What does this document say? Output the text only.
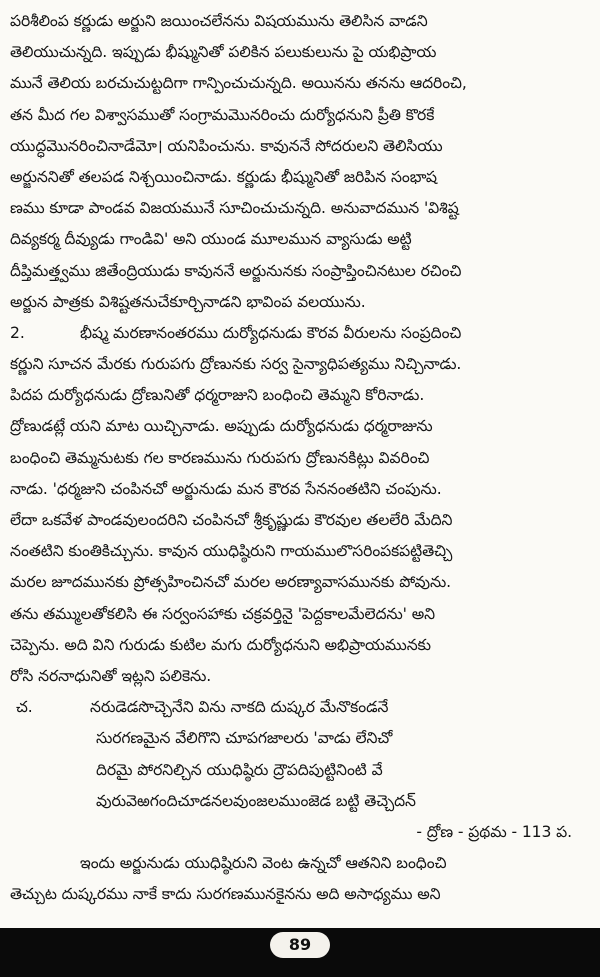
పరిశీలింప కర్ణుడు అర్జుని జయించలేనను విషయమును తెలిసిన వాడని
తెలియుచున్నది. ఇప్పుడు భీష్మునితో పలికిన పలుకులును పై యభిప్రాయ
మునే తెలియ బరచుచుట్టదిగా గాన్పించుచున్నది. అయినను తనను ఆదరించి,
తన మీద గల విశ్వాసముతో సంగ్రామమొనరించు దుర్యోధనుని ప్రీతి కొరకే
యుద్ధమొనరించినాడేమో। యనిపించును. కావుననే సోదరులని తెలిసియు
అర్జుననితో తలపడ నిశ్చయించినాడు. కర్ణుడు భీష్మునితో జరిపిన సంభాష
ణము కూడా పాండవ విజయమునే సూచించుచున్నది. అనువాదమున 'విశిష్ట
దివ్యకర్మ దీవ్యుడు గాండివి' అని యుండ మూలమున వ్యాసుడు అట్టి
దీప్తిమత్త్వము జితేంద్రియుడు కావుననే అర్జునునకు సంప్రాప్తించినటుల రచించి
అర్జున పాత్రకు విశిష్టతనుచేకూర్చినాడని భావింప వలయును.
2.	భీష్మ మరణానంతరము దుర్యోధనుడు కౌరవ వీరులను సంప్రదించి
కర్ణుని సూచన మేరకు గురుపగు ద్రోణునకు సర్వ సైన్యాధిపత్యము నిచ్చినాడు.
పిదప దుర్యోధనుడు ద్రోణునితో ధర్మరాజుని బంధించి తెమ్మని కోరినాడు.
ద్రోణుడట్లే యని మాట యిచ్చినాడు. అప్పుడు దుర్యోధనుడు ధర్మరాజును
బంధించి తెమ్మనుటకు గల కారణమును గురుపగు ద్రోణునకిట్లు వివరించి
నాడు. 'ధర్మజుని చంపినచో అర్జునుడు మన కౌరవ సేననంతటిని చంపును.
లేదా ఒకవేళ పాండవులందరిని చంపినచో శ్రీకృష్ణుడు కౌరవుల తలలేరి మేదిని
నంతటిని కుంతికిచ్చును. కావున యుధిష్ఠిరుని గాయములొసరింపకపట్టితెచ్చి
మరల జూదమునకు ప్రోత్సహించినచో మరల అరణ్యావాసమునకు పోవును.
తను తమ్ములతోకలిసి ఈ సర్వంసహాకు చక్రవర్తినై 'పెద్దకాలమేలెదను' అని
చెప్పెను. అది విని గురుడు కుటిల మగు దుర్యోధనుని అభిప్రాయమునకు
రోసి నరనాధునితో ఇట్లని పలికెను.
చ.	నరుడెడసొచ్చెనేని విను నాకది దుష్కర మేనొకండనే
సురగణమైన వేలిగొని చూపగజాలరు 'వాడు లేనిచో
దిరమై పోరనిల్చిన యుధిష్ఠిరు ద్రౌపదిపుట్టినింటి వే
వురువెఱగందిచూడనలవుంజలముంజెడ బట్టి తెచ్చెదన్
- ద్రోణ - ప్రథమ - 113 ప.
ఇందు అర్జునుడు యుధిష్ఠిరుని వెంట ఉన్నచో ఆతనిని బంధించి
తెచ్చుట దుష్కరము నాకే కాదు సురగణమునకైనను అది అసాధ్యము అని
89
